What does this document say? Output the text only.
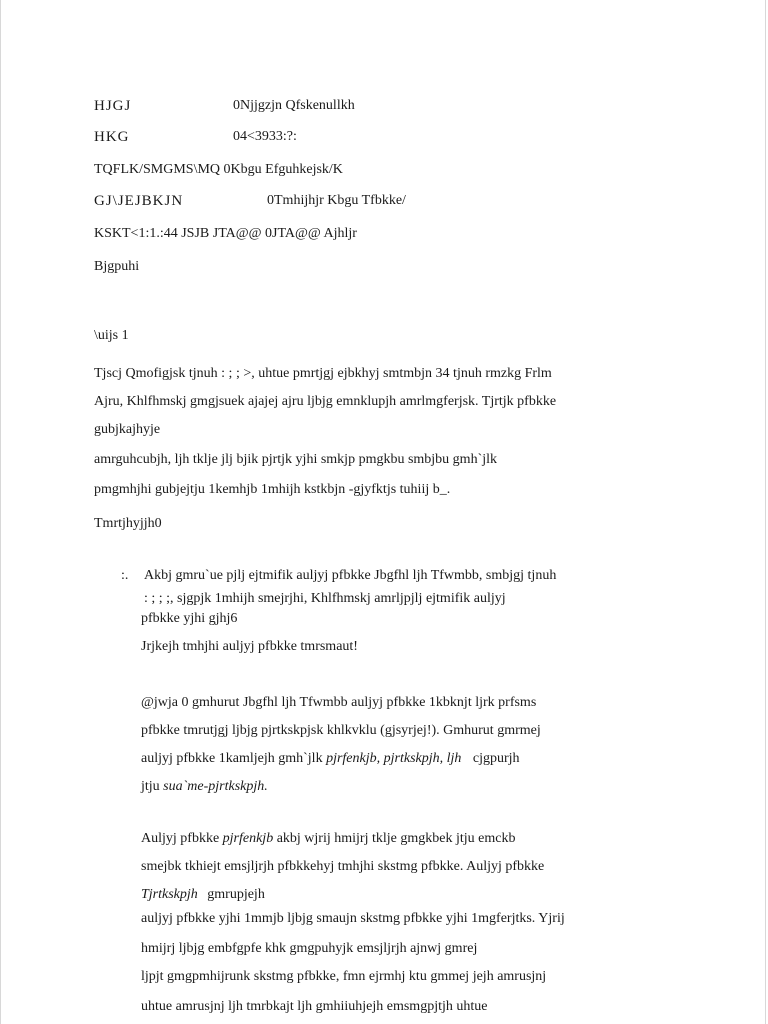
HJGJ	0Njjgzjn Qfskenullkh
HKG	04<3933:?:
TQFLK/SMGMS\MQ 0Kbgu Efguhkejsk/K
GJ\JEJBKJN	0Tmhijhjr Kbgu Tfbkke/
KSKT<1:1.:44 JSJB JTA@@ 0JTA@@ Ajhljr
Bjgpuhi
\uijs 1
Tjscj Qmofigjsk tjnuh : ; ; >, uhtue pmrtjgj ejbkhyj smtmbjn 34 tjnuh rmzkg Frlm
Ajru, Khlfhmskj gmgjsuek ajajej ajru ljbjg emnklupjh amrlmgferjsk. Tjrtjk pfbkke
gubjkajhyje
amrguhcubjh, ljh tklje jlj bjik pjrtjk yjhi smkjp pmgkbu smbjbu gmh`jlk
pmgmhjhi gubjejtju 1kemhjb 1mhijh kstkbjn -gjyfktjs tuhiij b_.
Tmrtjhyjjh0
:. Akbj gmru`ue pjlj ejtmifik auljyj pfbkke Jbgfhl ljh Tfwmbb, smbjgj tjnuh
: ; ; ;, sjgpjk 1mhijh smejrjhi, Khlfhmskj amrljpjlj ejtmifik auljyj
pfbkke yjhi gjhj6
Jrjkejh tmhjhi auljyj pfbkke tmrsmaut!
@jwja 0 gmhurut Jbgfhl ljh Tfwmbb auljyj pfbkke 1kbknjt ljrk prfsms
pfbkke tmrutjgj ljbjg pjrtkskpjsk khlkvklu (gjsyrjej!). Gmhurut gmrmej
auljyj pfbkke 1kamljejh gmh`jlk pjrfenkjb, pjrtkskpjh, ljh cjgpurjh
jtju sua`me-pjrtkskpjh.
Auljyj pfbkke pjrfenkjb akbj wjrij hmijrj tklje gmgkbek jtju emckb
smejbk tkhiejt emsjljrjh pfbkkehyj tmhjhi skstmg pfbkke. Auljyj pfbkke
Tjrtkskpjh gmrupjejh
auljyj pfbkke yjhi 1mmjb ljbjg smaujn skstmg pfbkke yjhi 1mgferjtks. Yjrij
hmijrj ljbjg embfgpfe khk gmgpuhyjk emsjljrjh ajnwj gmrej
ljpjt gmgpmhijrunk skstmg pfbkke, fmn ejrmhj ktu gmmej jejh amrusjnj
uhtue amrusjnj ljh tmrbkajt ljh gmhiiuhjejh emsmgpjtjh uhtue
